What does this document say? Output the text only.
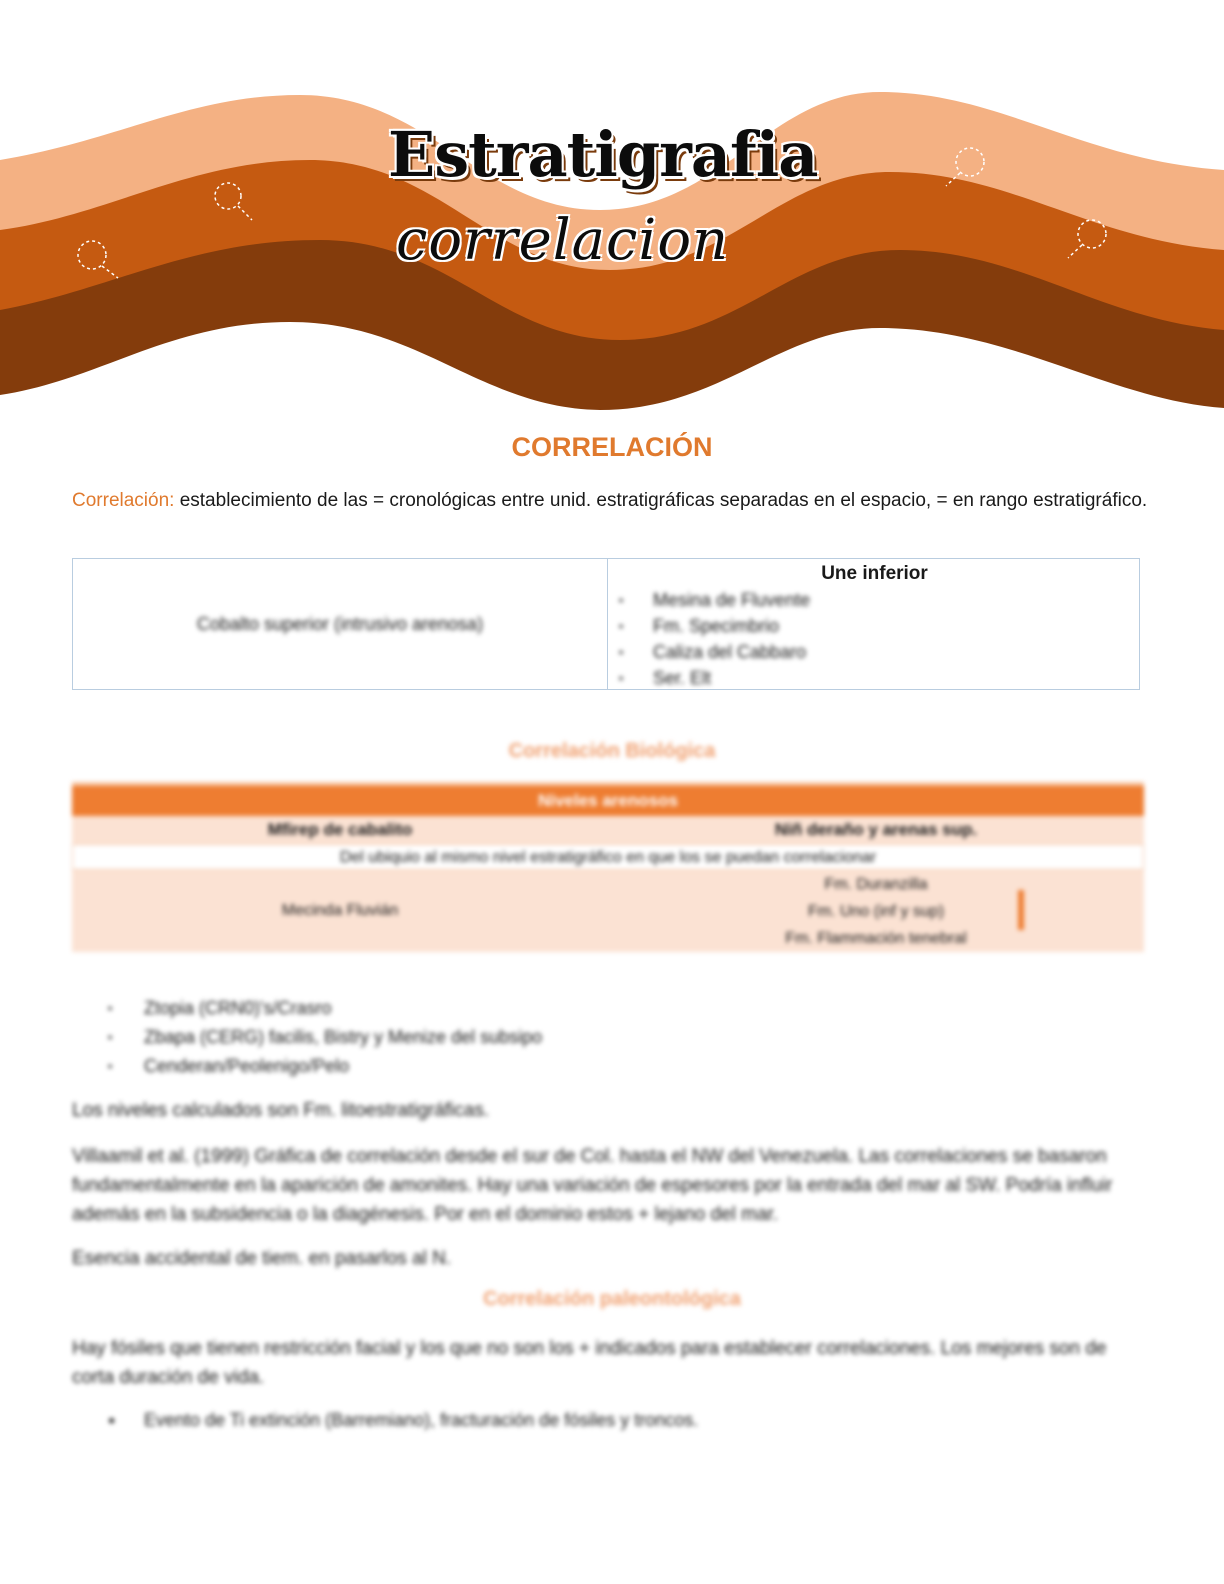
Estratigrafia
correlacion
CORRELACIÓN
Correlación: establecimiento de las = cronológicas entre unid. estratigráficas separadas en el espacio, = en rango estratigráfico.
Cobalto superior (intrusivo arenosa)
Une inferior
▪ Mesina de Fluvente
▪ Fm. Specimbrio
▪ Caliza del Cabbaro
▪ Ser. Elt
Correlación Biológica
Niveles arenosos
Mfirep de cabalito	Niñ deraño y arenas sup.
Del ubiquio al mismo nivel estratigráfico en que los se puedan correlacionar
Mecinda Fluvián
Fm. Duranzilla
Fm. Uno (inf y sup)
Fm. Flammación tenebral
▪ Ztopia (CRN0)'s/Crasro
▪ Zbapa (CERG) facilis, Bistry y Menize del subsipo
▪ Cenderan/Peolenigo/Pelo
Los niveles calculados son Fm. litoestratigráficas.
Villaamil et al. (1999) Gráfica de correlación desde el sur de Col. hasta el NW del Venezuela. Las correlaciones se basaron fundamentalmente en la aparición de amonites. Hay una variación de espesores por la entrada del mar al SW. Podría influir además en la subsidencia o la diagénesis. Por en el dominio estos + lejano del mar.
Esencia accidental de tiem. en pasarlos al N.
Correlación paleontológica
Hay fósiles que tienen restricción facial y los que no son los + indicados para establecer correlaciones. Los mejores son de corta duración de vida.
● Evento de ⁠⁠⁠Ti extinción (Barremiano), fracturación de fósiles y troncos.
